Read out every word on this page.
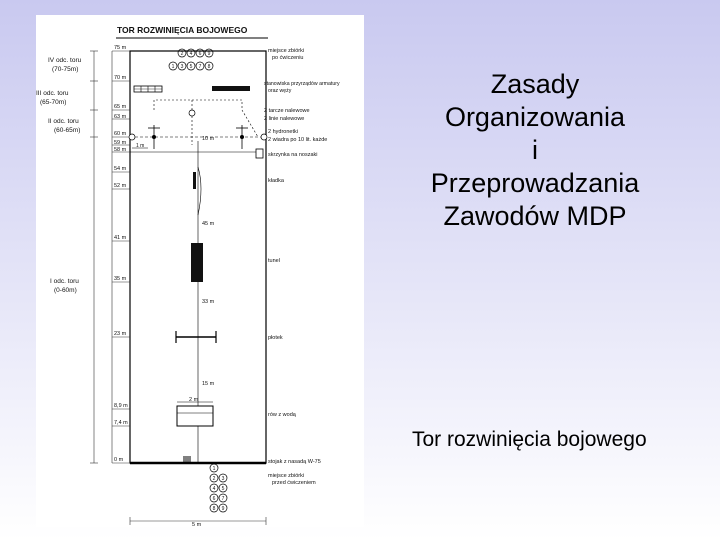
Zasady
Organizowania
i
Przeprowadzania
Zawodów MDP
Tor rozwinięcia bojowego
TOR ROZWINIĘCIA BOJOWEGO
IV odc. toru
(70-75m)
III odc. toru
(65-70m)
II odc. toru
(60-65m)
I odc. toru
(0-60m)
75 m
70 m
65 m
63 m
60 m
59 m
58 m
54 m
52 m
41 m
35 m
23 m
8,9 m
7,4 m
0 m
2 4 6 9
1 3 5 7 8
miejsce zbiórki
po ćwiczeniu
stanowiska przyrządów armatury
oraz węży
2 tarcze nalewowe
2 linie nalewowe
10 m
2 hydronetki
2 wiadra po 10 lit. każde
1 m
skrzynka na noszaki
kładka
45 m
tunel
33 m
płotek
15 m
2 m
rów z wodą
stojak z nasadą W-75
1
2 3
4 5
6 7
8 9
miejsce zbiórki
przed ćwiczeniem
5 m
